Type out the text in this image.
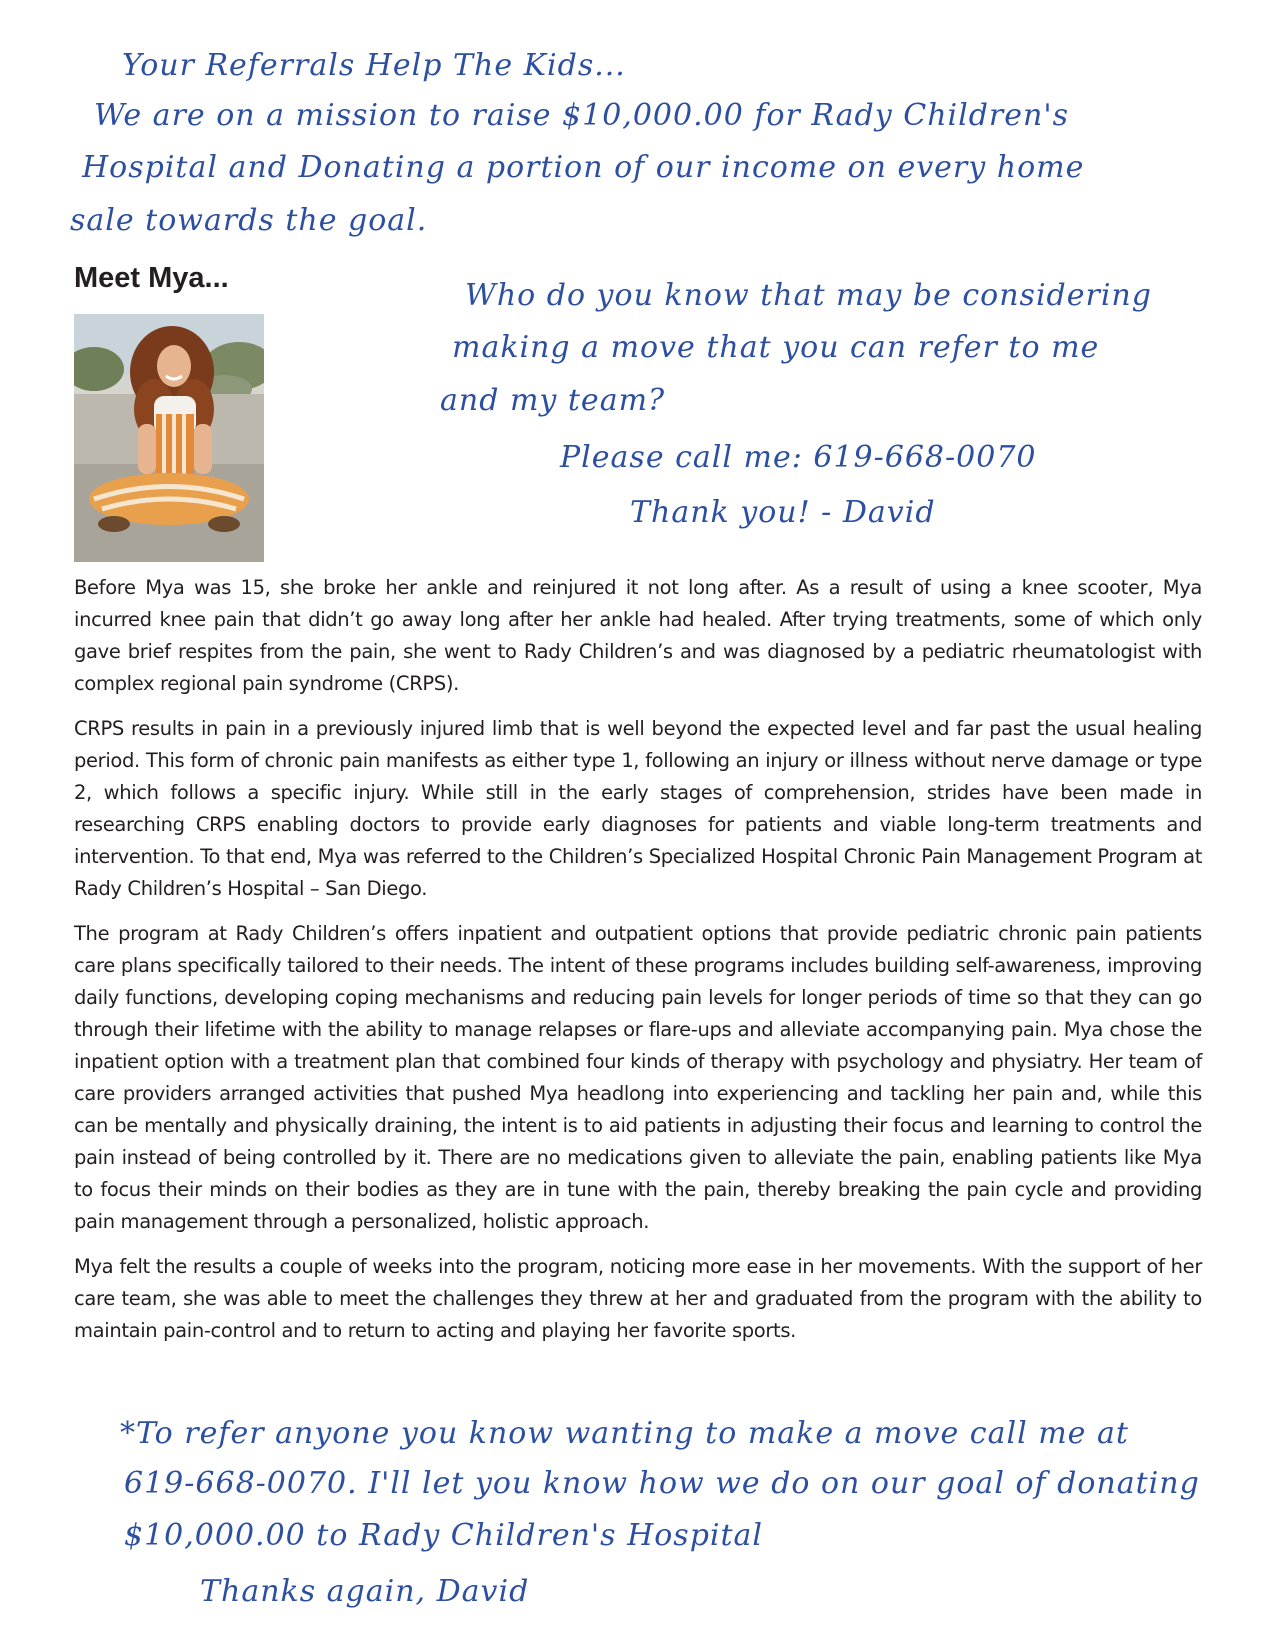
Your Referrals Help The Kids...
We are on a mission to raise $10,000.00 for Rady Children's
Hospital and Donating a portion of our income on every home
sale towards the goal.
Meet Mya...	Who do you know that may be considering
making a move that you can refer to me
and my team?
Please call me: 619-668-0070
Thank you! - David

Before Mya was 15, she broke her ankle and reinjured it not long after. As a result of using a knee scooter, Mya incurred knee pain that didn’t go away long after her ankle had healed. After trying treatments, some of which only gave brief respites from the pain, she went to Rady Children’s and was diagnosed by a pediatric rheumatologist with complex regional pain syndrome (CRPS).

CRPS results in pain in a previously injured limb that is well beyond the expected level and far past the usual healing period. This form of chronic pain manifests as either type 1, following an injury or illness without nerve damage or type 2, which follows a specific injury. While still in the early stages of comprehension, strides have been made in researching CRPS enabling doctors to provide early diagnoses for patients and viable long-term treatments and intervention. To that end, Mya was referred to the Children’s Specialized Hospital Chronic Pain Management Program at Rady Children’s Hospital – San Diego.

The program at Rady Children’s offers inpatient and outpatient options that provide pediatric chronic pain patients care plans specifically tailored to their needs. The intent of these programs includes building self-awareness, improving daily functions, developing coping mechanisms and reducing pain levels for longer periods of time so that they can go through their lifetime with the ability to manage relapses or flare-ups and alleviate accompanying pain. Mya chose the inpatient option with a treatment plan that combined four kinds of therapy with psychology and physiatry. Her team of care providers arranged activities that pushed Mya headlong into experiencing and tackling her pain and, while this can be mentally and physically draining, the intent is to aid patients in adjusting their focus and learning to control the pain instead of being controlled by it. There are no medications given to alleviate the pain, enabling patients like Mya to focus their minds on their bodies as they are in tune with the pain, thereby breaking the pain cycle and providing pain management through a personalized, holistic approach.

Mya felt the results a couple of weeks into the program, noticing more ease in her movements. With the support of her care team, she was able to meet the challenges they threw at her and graduated from the program with the ability to maintain pain-control and to return to acting and playing her favorite sports.

*To refer anyone you know wanting to make a move call me at
619-668-0070. I'll let you know how we do on our goal of donating
$10,000.00 to Rady Children's Hospital
Thanks again, David
